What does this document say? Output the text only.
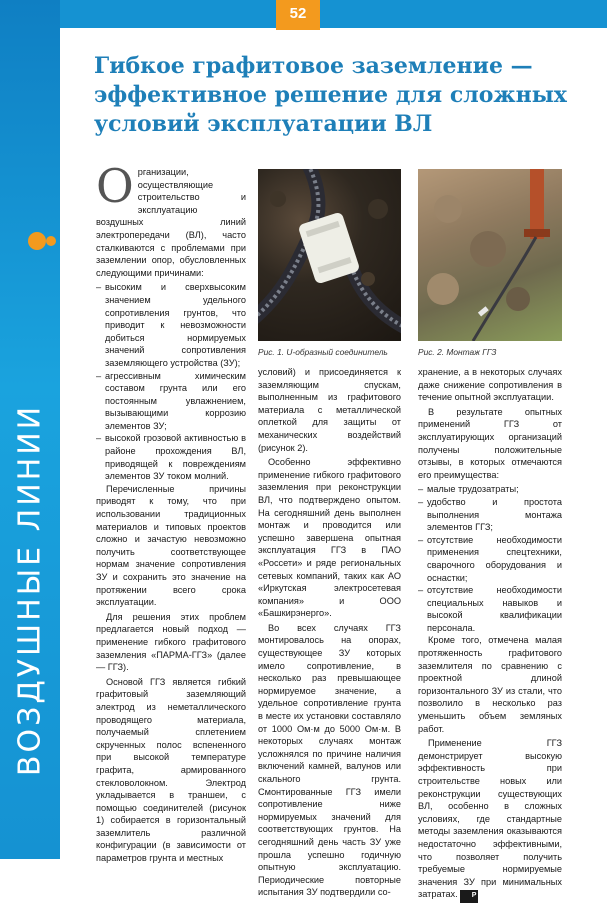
ВОЗДУШНЫЕ ЛИНИИ
52
Гибкое графитовое заземление — эффективное решение для сложных условий эксплуатации ВЛ

Организации, осуществляющие строительство и эксплуатацию воздушных линий электропередачи (ВЛ), часто сталкиваются с проблемами при заземлении опор, обусловленных следующими причинами:

– высоким и сверхвысоким значением удельного сопротивления грунтов, что приводит к невозможности добиться нормируемых значений сопротивления заземляющего устройства (ЗУ);
– агрессивным химическим составом грунта или его постоянным увлажнением, вызывающими коррозию элементов ЗУ;
– высокой грозовой активностью в районе прохождения ВЛ, приводящей к повреждениям элементов ЗУ током молний.

Перечисленные причины приводят к тому, что при использовании традиционных материалов и типовых проектов сложно и зачастую невозможно получить соответствующее нормам значение сопротивления ЗУ и сохранить это значение на протяжении всего срока эксплуатации.

Для решения этих проблем предлагается новый подход — применение гибкого графитового заземления «ПАРМА-ГГЗ» (далее — ГГЗ).

Основой ГГЗ является гибкий графитовый заземляющий электрод из неметаллического проводящего материала, получаемый сплетением скрученных полос вспененного при высокой температуре графита, армированного стекловолокном. Электрод укладывается в траншеи, с помощью соединителей (рисунок 1) собирается в горизонтальный заземлитель различной конфигурации (в зависимости от параметров грунта и местных

Рис. 1. U-образный соединитель	Рис. 2. Монтаж ГГЗ

условий) и присоединяется к заземляющим спускам, выполненным из графитового материала с металлической оплеткой для защиты от механических воздействий (рисунок 2).

Особенно эффективно применение гибкого графитового заземления при реконструкции ВЛ, что подтверждено опытом. На сегодняшний день выполнен монтаж и проводится или успешно завершена опытная эксплуатация ГГЗ в ПАО «Россети» и ряде региональных сетевых компаний, таких как АО «Иркутская электросетевая компания» и ООО «Башкирэнерго».

Во всех случаях ГГЗ монтировалось на опорах, существующее ЗУ которых имело сопротивление, в несколько раз превышающее нормируемое значение, а удельное сопротивление грунта в месте их установки составляло от 1000 Ом·м до 5000 Ом·м. В некоторых случаях монтаж усложнялся по причине наличия включений камней, валунов или скального грунта. Смонтированные ГГЗ имели сопротивление ниже нормируемых значений для соответствующих грунтов. На сегодняшний день часть ЗУ уже прошла успешно годичную опытную эксплуатацию. Периодические повторные испытания ЗУ подтвердили со-

хранение, а в некоторых случаях даже снижение сопротивления в течение опытной эксплуатации.

В результате опытных применений ГГЗ от эксплуатирующих организаций получены положительные отзывы, в которых отмечаются его преимущества:

– малые трудозатраты;
– удобство и простота выполнения монтажа элементов ГГЗ;
– отсутствие необходимости применения спецтехники, сварочного оборудования и оснастки;
– отсутствие необходимости специальных навыков и высокой квалификации персонала.

Кроме того, отмечена малая протяженность графитового заземлителя по сравнению с проектной длиной горизонтального ЗУ из стали, что позволило в несколько раз уменьшить объем земляных работ.

Применение ГГЗ демонстрирует высокую эффективность при строительстве новых или реконструкции существующих ВЛ, особенно в сложных условиях, где стандартные методы заземления оказываются недостаточно эффективными, что позволяет получить требуемые нормируемые значения ЗУ при минимальных затратах. P
